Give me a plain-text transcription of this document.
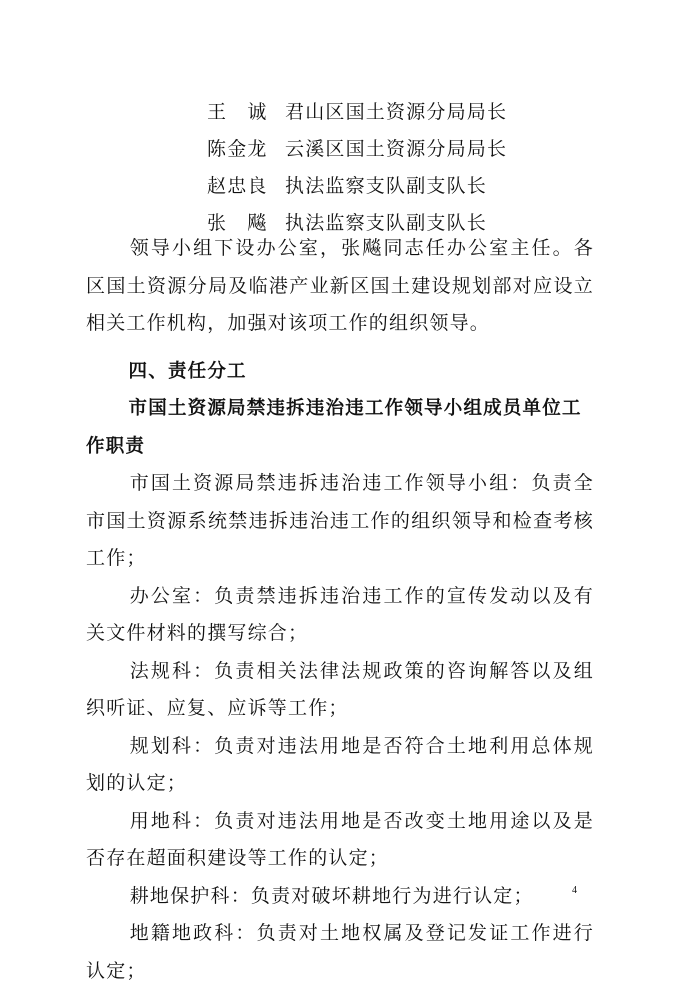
王　诚 君山区国土资源分局局长
陈金龙 云溪区国土资源分局局长
赵忠良 执法监察支队副支队长
张　飚 执法监察支队副支队长

领导小组下设办公室，张飚同志任办公室主任。各区国土资源分局及临港产业新区国土建设规划部对应设立相关工作机构，加强对该项工作的组织领导。

四、责任分工

市国土资源局禁违拆违治违工作领导小组成员单位工作职责

市国土资源局禁违拆违治违工作领导小组：负责全市国土资源系统禁违拆违治违工作的组织领导和检查考核工作；

办公室：负责禁违拆违治违工作的宣传发动以及有关文件材料的撰写综合；

法规科：负责相关法律法规政策的咨询解答以及组织听证、应复、应诉等工作；

规划科：负责对违法用地是否符合土地利用总体规划的认定；

用地科：负责对违法用地是否改变土地用途以及是否存在超面积建设等工作的认定；

耕地保护科：负责对破坏耕地行为进行认定；

地籍地政科：负责对土地权属及登记发证工作进行认定；

4
